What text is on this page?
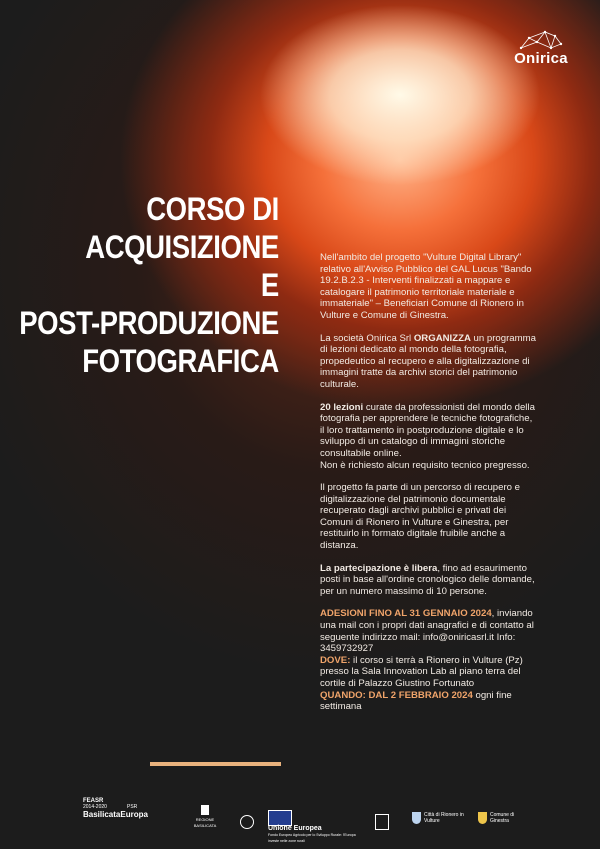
Onirica
CORSO DI
ACQUISIZIONE
E
POST-PRODUZIONE
FOTOGRAFICA

Nell'ambito del progetto "Vulture Digital Library" relativo all'Avviso Pubblico del GAL Lucus "Bando 19.2.B.2.3 - Interventi finalizzati a mappare e catalogare il patrimonio territoriale materiale e immateriale" – Beneficiari Comune di Rionero in Vulture e Comune di Ginestra.

La società Onirica Srl ORGANIZZA un programma di lezioni dedicato al mondo della fotografia, propedeutico al recupero e alla digitalizzazione di immagini tratte da archivi storici del patrimonio culturale.

20 lezioni curate da professionisti del mondo della fotografia per apprendere le tecniche fotografiche, il loro trattamento in postproduzione digitale e lo sviluppo di un catalogo di immagini storiche consultabile online.
Non è richiesto alcun requisito tecnico pregresso.

Il progetto fa parte di un percorso di recupero e digitalizzazione del patrimonio documentale recuperato dagli archivi pubblici e privati dei Comuni di Rionero in Vulture e Ginestra, per restituirlo in formato digitale fruibile anche a distanza.

La partecipazione è libera, fino ad esaurimento posti in base all'ordine cronologico delle domande, per un numero massimo di 10 persone.

ADESIONI FINO AL 31 GENNAIO 2024, inviando una mail con i propri dati anagrafici e di contatto al seguente indirizzo mail: info@oniricasrl.it Info: 3459732927

DOVE: il corso si terrà a Rionero in Vulture (Pz) presso la Sala Innovation Lab al piano terra del cortile di Palazzo Giustino Fortunato

QUANDO: DAL 2 FEBBRAIO 2024 ogni fine settimana

FEASR
2014-2020	PSR
BasilicataEuropa
REGIONE BASILICATA	Unione Europea
Fondo Europeo Agricolo per lo Sviluppo Rurale: l'Europa investe nelle zone rurali
Città di Rionero in Vulture
Comune di Ginestra
